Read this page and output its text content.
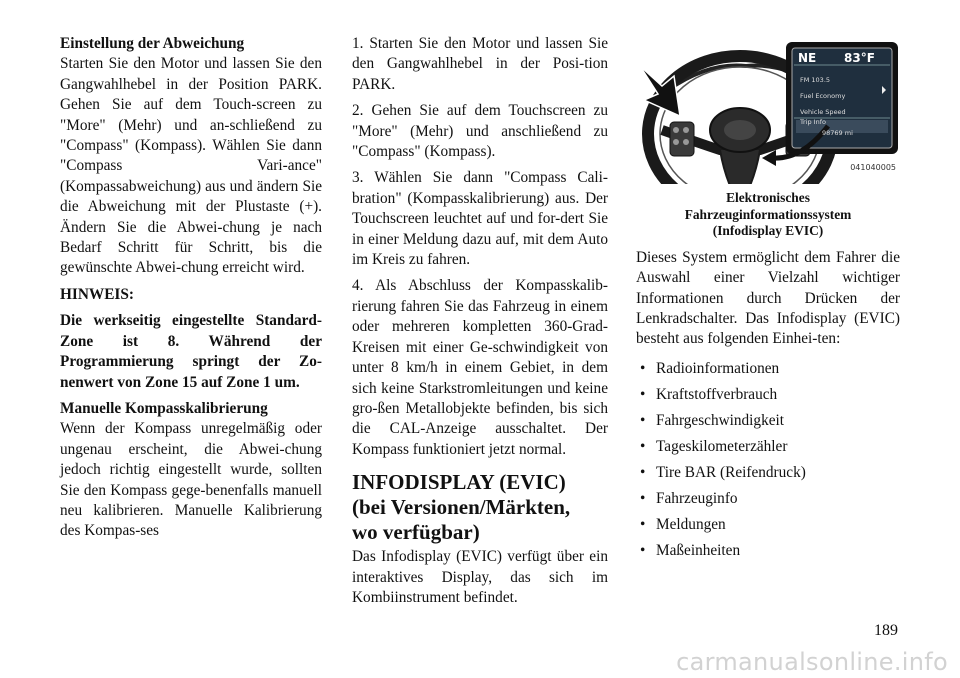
Einstellung der Abweichung

Starten Sie den Motor und lassen Sie den Gangwahlhebel in der Position PARK. Gehen Sie auf dem Touch-screen zu "More" (Mehr) und an-schließend zu "Compass" (Kompass). Wählen Sie dann "Compass Vari-ance" (Kompassabweichung) aus und ändern Sie die Abweichung mit der Plustaste (+). Ändern Sie die Abwei-chung je nach Bedarf Schritt für Schritt, bis die gewünschte Abwei-chung erreicht wird.

HINWEIS:

Die werkseitig eingestellte Standard-Zone ist 8. Während der Programmierung springt der Zo-nenwert von Zone 15 auf Zone 1 um.

Manuelle Kompasskalibrierung

Wenn der Kompass unregelmäßig oder ungenau erscheint, die Abwei-chung jedoch richtig eingestellt wurde, sollten Sie den Kompass gege-benenfalls manuell neu kalibrieren. Manuelle Kalibrierung des Kompas-ses

1. Starten Sie den Motor und lassen Sie den Gangwahlhebel in der Posi-tion PARK.

2. Gehen Sie auf dem Touchscreen zu "More" (Mehr) und anschließend zu "Compass" (Kompass).

3. Wählen Sie dann "Compass Cali-bration" (Kompasskalibrierung) aus. Der Touchscreen leuchtet auf und for-dert Sie in einer Meldung dazu auf, mit dem Auto im Kreis zu fahren.

4. Als Abschluss der Kompasskalib-rierung fahren Sie das Fahrzeug in einem oder mehreren kompletten 360-Grad-Kreisen mit einer Ge-schwindigkeit von unter 8 km/h in einem Gebiet, in dem sich keine Starkstromleitungen und keine gro-ßen Metallobjekte befinden, bis sich die CAL-Anzeige ausschaltet. Der Kompass funktioniert jetzt normal.

INFODISPLAY (EVIC)
(bei Versionen/Märkten,
wo verfügbar)

Das Infodisplay (EVIC) verfügt über ein interaktives Display, das sich im Kombiinstrument befindet.

NE 83°F
FM 103.5
Fuel Economy
Vehicle Speed
Trip Info
98769 mi
041040005
Elektronisches
Fahrzeuginformationssystem
(Infodisplay EVIC)

Dieses System ermöglicht dem Fahrer die Auswahl einer Vielzahl wichtiger Informationen durch Drücken der Lenkradschalter. Das Infodisplay (EVIC) besteht aus folgenden Einhei-ten:

• Radioinformationen
• Kraftstoffverbrauch
• Fahrgeschwindigkeit
• Tageskilometerzähler
• Tire BAR (Reifendruck)
• Fahrzeuginfo
• Meldungen
• Maßeinheiten
189
carmanualsonline.info
